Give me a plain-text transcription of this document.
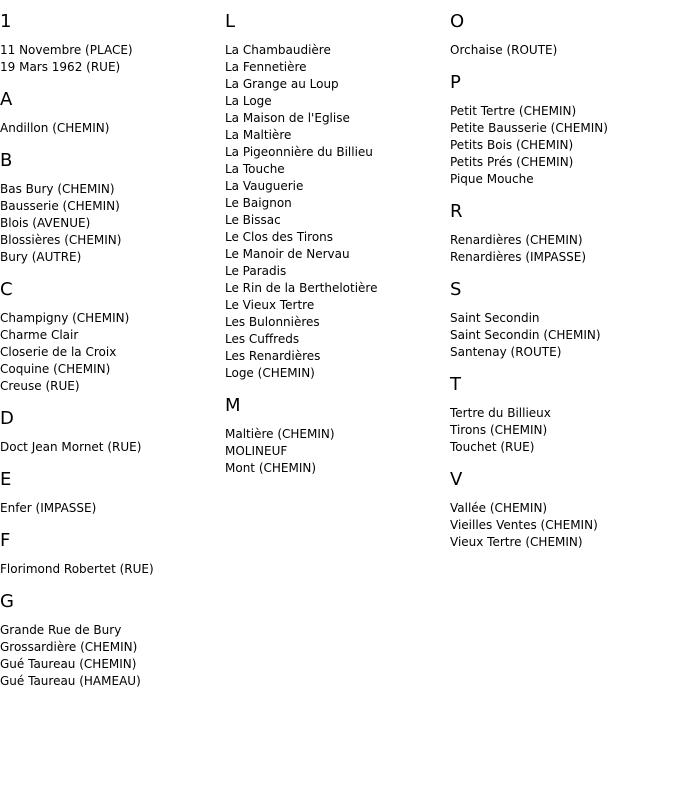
1
11 Novembre (PLACE)
19 Mars 1962 (RUE)
A
Andillon (CHEMIN)
B
Bas Bury (CHEMIN)
Bausserie (CHEMIN)
Blois (AVENUE)
Blossières (CHEMIN)
Bury (AUTRE)
C
Champigny (CHEMIN)
Charme Clair
Closerie de la Croix
Coquine (CHEMIN)
Creuse (RUE)
D
Doct Jean Mornet (RUE)
E
Enfer (IMPASSE)
F
Florimond Robertet (RUE)
G
Grande Rue de Bury
Grossardière (CHEMIN)
Gué Taureau (CHEMIN)
Gué Taureau (HAMEAU)
L
La Chambaudière
La Fennetière
La Grange au Loup
La Loge
La Maison de l'Eglise
La Maltière
La Pigeonnière du Billieu
La Touche
La Vauguerie
Le Baignon
Le Bissac
Le Clos des Tirons
Le Manoir de Nervau
Le Paradis
Le Rin de la Berthelotière
Le Vieux Tertre
Les Bulonnières
Les Cuffreds
Les Renardières
Loge (CHEMIN)
M
Maltière (CHEMIN)
MOLINEUF
Mont (CHEMIN)
O
Orchaise (ROUTE)
P
Petit Tertre (CHEMIN)
Petite Bausserie (CHEMIN)
Petits Bois (CHEMIN)
Petits Prés (CHEMIN)
Pique Mouche
R
Renardières (CHEMIN)
Renardières (IMPASSE)
S
Saint Secondin
Saint Secondin (CHEMIN)
Santenay (ROUTE)
T
Tertre du Billieux
Tirons (CHEMIN)
Touchet (RUE)
V
Vallée (CHEMIN)
Vieilles Ventes (CHEMIN)
Vieux Tertre (CHEMIN)
